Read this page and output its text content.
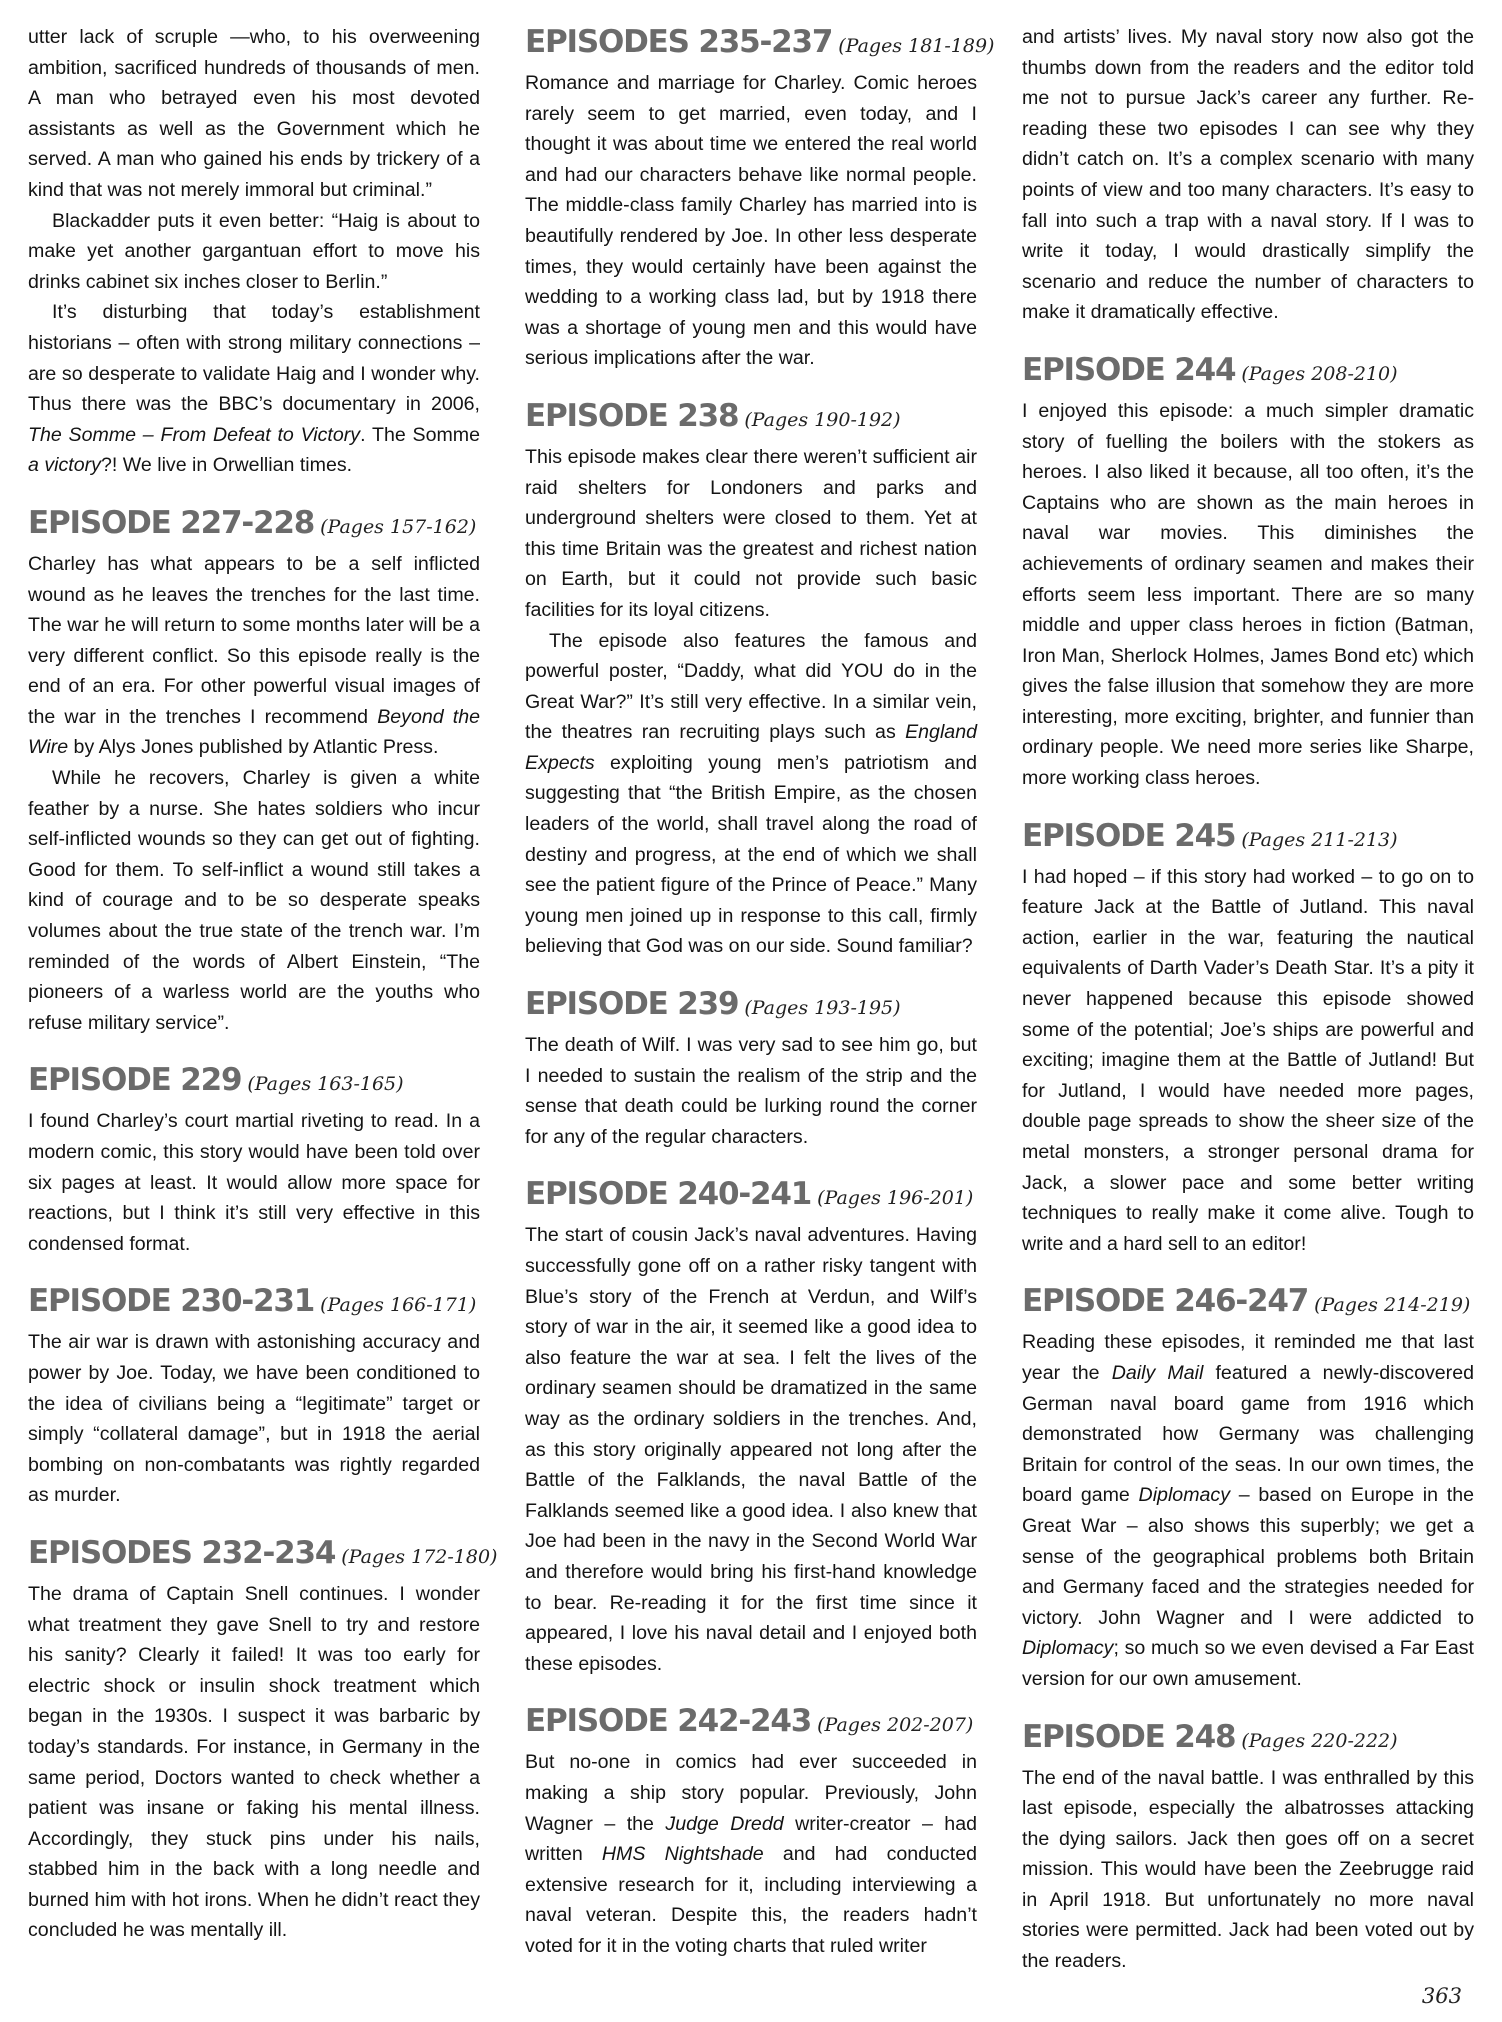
utter lack of scruple —who, to his overweening ambition, sacrificed hundreds of thousands of men. A man who betrayed even his most devoted assistants as well as the Government which he served. A man who gained his ends by trickery of a kind that was not merely immoral but criminal.”

Blackadder puts it even better: “Haig is about to make yet another gargantuan effort to move his drinks cabinet six inches closer to Berlin.”

It’s disturbing that today’s establishment historians – often with strong military connections – are so desperate to validate Haig and I wonder why. Thus there was the BBC’s documentary in 2006, The Somme – From Defeat to Victory. The Somme a victory?! We live in Orwellian times.

EPISODE 227-228 (Pages 157-162)

Charley has what appears to be a self inflicted wound as he leaves the trenches for the last time. The war he will return to some months later will be a very different conflict. So this episode really is the end of an era. For other powerful visual images of the war in the trenches I recommend Beyond the Wire by Alys Jones published by Atlantic Press.

While he recovers, Charley is given a white feather by a nurse. She hates soldiers who incur self-inflicted wounds so they can get out of fighting. Good for them. To self-inflict a wound still takes a kind of courage and to be so desperate speaks volumes about the true state of the trench war. I’m reminded of the words of Albert Einstein, “The pioneers of a warless world are the youths who refuse military service”.

EPISODE 229 (Pages 163-165)

I found Charley’s court martial riveting to read. In a modern comic, this story would have been told over six pages at least. It would allow more space for reactions, but I think it’s still very effective in this condensed format.

EPISODE 230-231 (Pages 166-171)

The air war is drawn with astonishing accuracy and power by Joe. Today, we have been conditioned to the idea of civilians being a “legitimate” target or simply “collateral damage”, but in 1918 the aerial bombing on non-combatants was rightly regarded as murder.

EPISODES 232-234 (Pages 172-180)

The drama of Captain Snell continues. I wonder what treatment they gave Snell to try and restore his sanity? Clearly it failed! It was too early for electric shock or insulin shock treatment which began in the 1930s. I suspect it was barbaric by today’s standards. For instance, in Germany in the same period, Doctors wanted to check whether a patient was insane or faking his mental illness. Accordingly, they stuck pins under his nails, stabbed him in the back with a long needle and burned him with hot irons. When he didn’t react they concluded he was mentally ill.

EPISODES 235-237 (Pages 181-189)

Romance and marriage for Charley. Comic heroes rarely seem to get married, even today, and I thought it was about time we entered the real world and had our characters behave like normal people. The middle-class family Charley has married into is beautifully rendered by Joe. In other less desperate times, they would certainly have been against the wedding to a working class lad, but by 1918 there was a shortage of young men and this would have serious implications after the war.

EPISODE 238 (Pages 190-192)

This episode makes clear there weren’t sufficient air raid shelters for Londoners and parks and underground shelters were closed to them. Yet at this time Britain was the greatest and richest nation on Earth, but it could not provide such basic facilities for its loyal citizens.

The episode also features the famous and powerful poster, “Daddy, what did YOU do in the Great War?” It’s still very effective. In a similar vein, the theatres ran recruiting plays such as England Expects exploiting young men’s patriotism and suggesting that “the British Empire, as the chosen leaders of the world, shall travel along the road of destiny and progress, at the end of which we shall see the patient figure of the Prince of Peace.” Many young men joined up in response to this call, firmly believing that God was on our side. Sound familiar?

EPISODE 239 (Pages 193-195)

The death of Wilf. I was very sad to see him go, but I needed to sustain the realism of the strip and the sense that death could be lurking round the corner for any of the regular characters.

EPISODE 240-241 (Pages 196-201)

The start of cousin Jack’s naval adventures. Having successfully gone off on a rather risky tangent with Blue’s story of the French at Verdun, and Wilf’s story of war in the air, it seemed like a good idea to also feature the war at sea. I felt the lives of the ordinary seamen should be dramatized in the same way as the ordinary soldiers in the trenches. And, as this story originally appeared not long after the Battle of the Falklands, the naval Battle of the Falklands seemed like a good idea. I also knew that Joe had been in the navy in the Second World War and therefore would bring his first-hand knowledge to bear. Re-reading it for the first time since it appeared, I love his naval detail and I enjoyed both these episodes.

EPISODE 242-243 (Pages 202-207)

But no-one in comics had ever succeeded in making a ship story popular. Previously, John Wagner – the Judge Dredd writer-creator – had written HMS Nightshade and had conducted extensive research for it, including interviewing a naval veteran. Despite this, the readers hadn’t voted for it in the voting charts that ruled writer

and artists’ lives. My naval story now also got the thumbs down from the readers and the editor told me not to pursue Jack’s career any further. Re-reading these two episodes I can see why they didn’t catch on. It’s a complex scenario with many points of view and too many characters. It’s easy to fall into such a trap with a naval story. If I was to write it today, I would drastically simplify the scenario and reduce the number of characters to make it dramatically effective.

EPISODE 244 (Pages 208-210)

I enjoyed this episode: a much simpler dramatic story of fuelling the boilers with the stokers as heroes. I also liked it because, all too often, it’s the Captains who are shown as the main heroes in naval war movies. This diminishes the achievements of ordinary seamen and makes their efforts seem less important. There are so many middle and upper class heroes in fiction (Batman, Iron Man, Sherlock Holmes, James Bond etc) which gives the false illusion that somehow they are more interesting, more exciting, brighter, and funnier than ordinary people. We need more series like Sharpe, more working class heroes.

EPISODE 245 (Pages 211-213)

I had hoped – if this story had worked – to go on to feature Jack at the Battle of Jutland. This naval action, earlier in the war, featuring the nautical equivalents of Darth Vader’s Death Star. It’s a pity it never happened because this episode showed some of the potential; Joe’s ships are powerful and exciting; imagine them at the Battle of Jutland! But for Jutland, I would have needed more pages, double page spreads to show the sheer size of the metal monsters, a stronger personal drama for Jack, a slower pace and some better writing techniques to really make it come alive. Tough to write and a hard sell to an editor!

EPISODE 246-247 (Pages 214-219)

Reading these episodes, it reminded me that last year the Daily Mail featured a newly-discovered German naval board game from 1916 which demonstrated how Germany was challenging Britain for control of the seas. In our own times, the board game Diplomacy – based on Europe in the Great War – also shows this superbly; we get a sense of the geographical problems both Britain and Germany faced and the strategies needed for victory. John Wagner and I were addicted to Diplomacy; so much so we even devised a Far East version for our own amusement.

EPISODE 248 (Pages 220-222)

The end of the naval battle. I was enthralled by this last episode, especially the albatrosses attacking the dying sailors. Jack then goes off on a secret mission. This would have been the Zeebrugge raid in April 1918. But unfortunately no more naval stories were permitted. Jack had been voted out by the readers.

363
